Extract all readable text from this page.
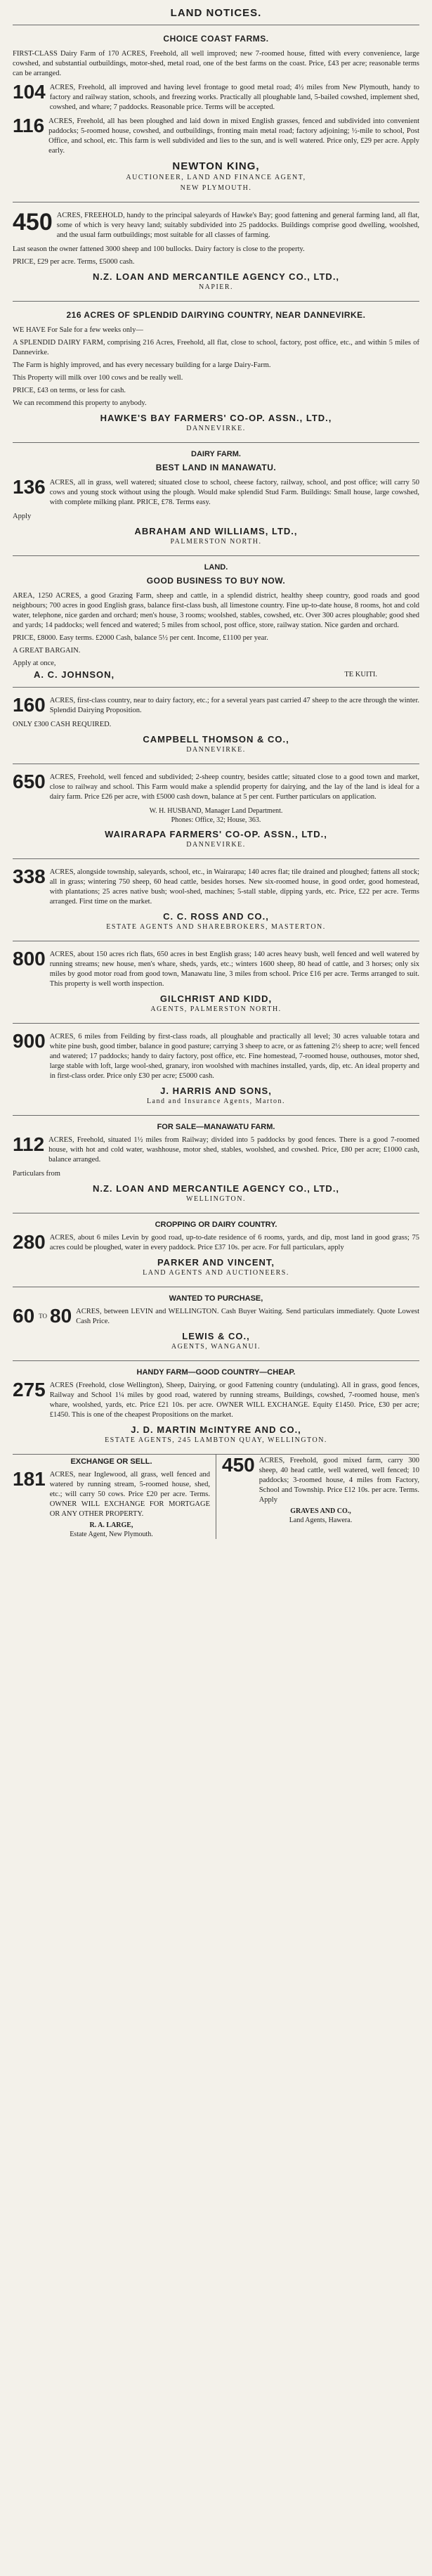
LAND NOTICES.
CHOICE COAST FARMS.
FIRST-CLASS Dairy Farm of 170 ACRES, Freehold, all well improved; new 7-roomed house, fitted with every convenience, large cowshed, and substantial outbuildings, motor-shed, metal road, one of the best farms on the coast. Price, £43 per acre; reasonable terms can be arranged.
104 ACRES, Freehold, all improved and having level frontage to good metal road; 4½ miles from New Plymouth, handy to factory and railway station, schools, and freezing works. Practically all ploughable land, 5-bailed cowshed, implement shed, cowshed, and whare; 7 paddocks. Reasonable price. Terms will be accepted.
116 ACRES, Freehold, all has been ploughed and laid down in mixed English grasses, fenced and subdivided into convenient paddocks; 5-roomed house, cowshed, and outbuildings, fronting main metal road; factory adjoining; ½-mile to school, Post Office, and school, etc. This farm is well subdivided and lies to the sun, and is well watered. Price only, £29 per acre. Apply early.
NEWTON KING,
AUCTIONEER, LAND AND FINANCE AGENT,
NEW PLYMOUTH.
450 ACRES, FREEHOLD, handy to the principal saleyards of Hawke's Bay; good fattening and general farming land, all flat, some of which is very heavy land; suitably subdivided into 25 paddocks. Buildings comprise good dwelling, woolshed, and the usual farm outbuildings; most suitable for all classes of farming.
Last season the owner fattened 3000 sheep and 100 bullocks. Dairy factory is close to the property.
PRICE, £29 per acre. Terms, £5000 cash.
N.Z. LOAN AND MERCANTILE AGENCY CO., LTD.,
NAPIER.
216 ACRES OF SPLENDID DAIRYING COUNTRY, NEAR DANNEVIRKE.
WE HAVE For Sale for a few weeks only—
A SPLENDID DAIRY FARM, comprising 216 Acres, Freehold, all flat, close to school, factory, post office, etc., and within 5 miles of Dannevirke.
The Farm is highly improved, and has every necessary building for a large Dairy-Farm.
This Property will milk over 100 cows and be really well.
PRICE, £43 on terms, or less for cash.
We can recommend this property to anybody.
HAWKE'S BAY FARMERS' CO-OP. ASSN., LTD.,
DANNEVIRKE.
DAIRY FARM.
BEST LAND IN MANAWATU.
136 ACRES, all in grass, well watered; situated close to school, cheese factory, railway, school, and post office; will carry 50 cows and young stock without using the plough. Would make splendid Stud Farm. Buildings: Small house, large cowshed, with complete milking plant. PRICE, £78. Terms easy.
Apply
ABRAHAM AND WILLIAMS, LTD.,
PALMERSTON NORTH.
LAND.
GOOD BUSINESS TO BUY NOW.
AREA, 1250 ACRES, a good Grazing Farm, sheep and cattle, in a splendid district, healthy sheep country, good roads and good neighbours; 700 acres in good English grass, balance first-class bush, all limestone country. Fine up-to-date house, 8 rooms, hot and cold water, telephone, nice garden and orchard; men's house, 3 rooms; woolshed, stables, cowshed, etc. Over 300 acres ploughable; good shed and yards; 14 paddocks; well fenced and watered; 5 miles from school, post office, store, railway station. Nice garden and orchard.
PRICE, £8000. Easy terms. £2000 Cash, balance 5½ per cent. Income, £1100 per year.
A GREAT BARGAIN.
Apply at once,
A. C. JOHNSON,	TE KUITI.
160 ACRES, first-class country, near to dairy factory, etc.; for a several years past carried 47 sheep to the acre through the winter. Splendid Dairying Proposition.
ONLY £300 CASH REQUIRED.
CAMPBELL THOMSON & CO.,
DANNEVIRKE.
650 ACRES, Freehold, well fenced and subdivided; 2-sheep country, besides cattle; situated close to a good town and market, close to railway and school. This Farm would make a splendid property for dairying, and the lay of the land is ideal for a dairy farm. Price £26 per acre, with £5000 cash down, balance at 5 per cent. Further particulars on application.
W. H. HUSBAND, Manager Land Department.
Phones: Office, 32; House, 363.
WAIRARAPA FARMERS' CO-OP. ASSN., LTD.,
DANNEVIRKE.
338 ACRES, alongside township, saleyards, school, etc., in Wairarapa; 140 acres flat; tile drained and ploughed; fattens all stock; all in grass; wintering 750 sheep, 60 head cattle, besides horses. New six-roomed house, in good order, good homestead, with plantations; 25 acres native bush; wool-shed, machines; 5-stall stable, dipping yards, etc. Price, £22 per acre. Terms arranged. First time on the market.
C. C. ROSS AND CO.,
ESTATE AGENTS AND SHAREBROKERS, MASTERTON.
800 ACRES, about 150 acres rich flats, 650 acres in best English grass; 140 acres heavy bush, well fenced and well watered by running streams; new house, men's whare, sheds, yards, etc.; winters 1600 sheep, 80 head of cattle, and 3 horses; only six miles by good motor road from good town, Manawatu line, 3 miles from school. Price £16 per acre. Terms arranged to suit. This property is well worth inspection.
GILCHRIST AND KIDD,
AGENTS, PALMERSTON NORTH.
900 ACRES, 6 miles from Feilding by first-class roads, all ploughable and practically all level; 30 acres valuable totara and white pine bush, good timber, balance in good pasture; carrying 3 sheep to acre, or as fattening 2½ sheep to acre; well fenced and watered; 17 paddocks; handy to dairy factory, post office, etc. Fine homestead, 7-roomed house, outhouses, motor shed, large stable with loft, large wool-shed, granary, iron woolshed with machines installed, yards, dip, etc. An ideal property and in first-class order. Price only £30 per acre; £5000 cash.
J. HARRIS AND SONS,
Land and Insurance Agents, Marton.
FOR SALE—MANAWATU FARM.
112 ACRES, Freehold, situated 1½ miles from Railway; divided into 5 paddocks by good fences. There is a good 7-roomed house, with hot and cold water, washhouse, motor shed, stables, woolshed, and cowshed. Price, £80 per acre; £1000 cash, balance arranged.
Particulars from
N.Z. LOAN AND MERCANTILE AGENCY CO., LTD.,
WELLINGTON.
CROPPING OR DAIRY COUNTRY.
280 ACRES, about 6 miles Levin by good road, up-to-date residence of 6 rooms, yards, and dip, most land in good grass; 75 acres could be ploughed, water in every paddock. Price £37 10s. per acre. For full particulars, apply
PARKER AND VINCENT,
LAND AGENTS AND AUCTIONEERS.
WANTED TO PURCHASE,
60 TO 80 ACRES, between LEVIN and WELLINGTON. Cash Buyer Waiting. Send particulars immediately. Quote Lowest Cash Price.
LEWIS & CO.,
AGENTS, WANGANUI.
HANDY FARM—GOOD COUNTRY—CHEAP.
275 ACRES (Freehold, close Wellington), Sheep, Dairying, or good Fattening country (undulating). All in grass, good fences, Railway and School 1¼ miles by good road, watered by running streams, Buildings, cowshed, 7-roomed house, men's whare, woolshed, yards, etc. Price £21 10s. per acre. OWNER WILL EXCHANGE. Equity £1450. Price, £30 per acre; £1450. This is one of the cheapest Propositions on the market.
J. D. MARTIN McINTYRE AND CO.,
ESTATE AGENTS, 245 LAMBTON QUAY, WELLINGTON.
EXCHANGE OR SELL.
181 ACRES, near Inglewood, all grass, well fenced and watered by running stream, 5-roomed house, shed, etc.; will carry 50 cows. Price £20 per acre. Terms. OWNER WILL EXCHANGE FOR MORTGAGE OR ANY OTHER PROPERTY.
R. A. LARGE,
Estate Agent, New Plymouth.
450 ACRES, Freehold, good mixed farm, carry 300 sheep, 40 head cattle, well watered, well fenced; 10 paddocks; 3-roomed house, 4 miles from Factory, School and Township. Price £12 10s. per acre. Terms. Apply
GRAVES AND CO.,
Land Agents, Hawera.
